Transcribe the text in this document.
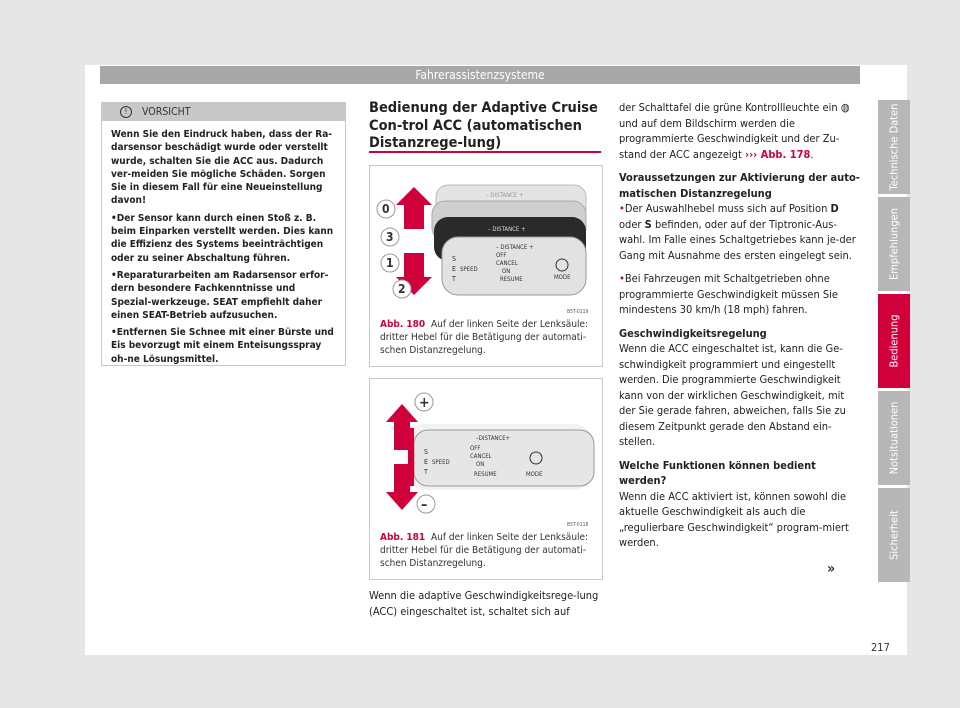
Fahrerassistenzsysteme
!	VORSICHT

Wenn Sie den Eindruck haben, dass der Ra-darsensor beschädigt wurde oder verstellt wurde, schalten Sie die ACC aus. Dadurch ver-meiden Sie mögliche Schäden. Sorgen Sie in diesem Fall für eine Neueinstellung davon!

• Der Sensor kann durch einen Stoß z. B. beim Einparken verstellt werden. Dies kann die Effizienz des Systems beeinträchtigen oder zu seiner Abschaltung führen.

• Reparaturarbeiten am Radarsensor erfor-dern besondere Fachkenntnisse und Spezial-werkzeuge. SEAT empfiehlt daher einen SEAT-Betrieb aufzusuchen.

• Entfernen Sie Schnee mit einer Bürste und Eis bevorzugt mit einem Enteisungsspray oh-ne Lösungsmittel.

Bedienung der Adaptive Cruise Con-trol ACC (automatischen Distanzrege-lung)
– DISTANCE +
– DISTANCE +
– DISTANCE +
S
E
T
SPEED
OFF
CANCEL
ON
RESUME	MODE
0
3
1
2
B5T-0119
Abb. 180 Auf der linken Seite der Lenksäule: dritter Hebel für die Betätigung der automati-schen Distanzregelung.
–DISTANCE+
S
E
T
SPEED
OFF
CANCEL
ON
RESUME	MODE
+
–
B5T-0118
Abb. 181 Auf der linken Seite der Lenksäule: dritter Hebel für die Betätigung der automati-schen Distanzregelung.
Wenn die adaptive Geschwindigkeitsrege-lung (ACC) eingeschaltet ist, schaltet sich auf

der Schalttafel die grüne Kontrollleuchte ein ◍ und auf dem Bildschirm werden die programmierte Geschwindigkeit und der Zu-stand der ACC angezeigt ››› Abb. 178.

Voraussetzungen zur Aktivierung der auto-matischen Distanzregelung

• Der Auswahlhebel muss sich auf Position D oder S befinden, oder auf der Tiptronic-Aus-wahl. Im Falle eines Schaltgetriebes kann je-der Gang mit Ausnahme des ersten eingelegt sein.

• Bei Fahrzeugen mit Schaltgetrieben ohne programmierte Geschwindigkeit müssen Sie mindestens 30 km/h (18 mph) fahren.

Geschwindigkeitsregelung

Wenn die ACC eingeschaltet ist, kann die Ge-schwindigkeit programmiert und eingestellt werden. Die programmierte Geschwindigkeit kann von der wirklichen Geschwindigkeit, mit der Sie gerade fahren, abweichen, falls Sie zu diesem Zeitpunkt gerade den Abstand ein-stellen.

Welche Funktionen können bedient werden?

Wenn die ACC aktiviert ist, können sowohl die aktuelle Geschwindigkeit als auch die „regulierbare Geschwindigkeit“ program-miert werden.

»
Technische Daten
Empfehlungen
Bedienung
Notsituationen
Sicherheit
217
